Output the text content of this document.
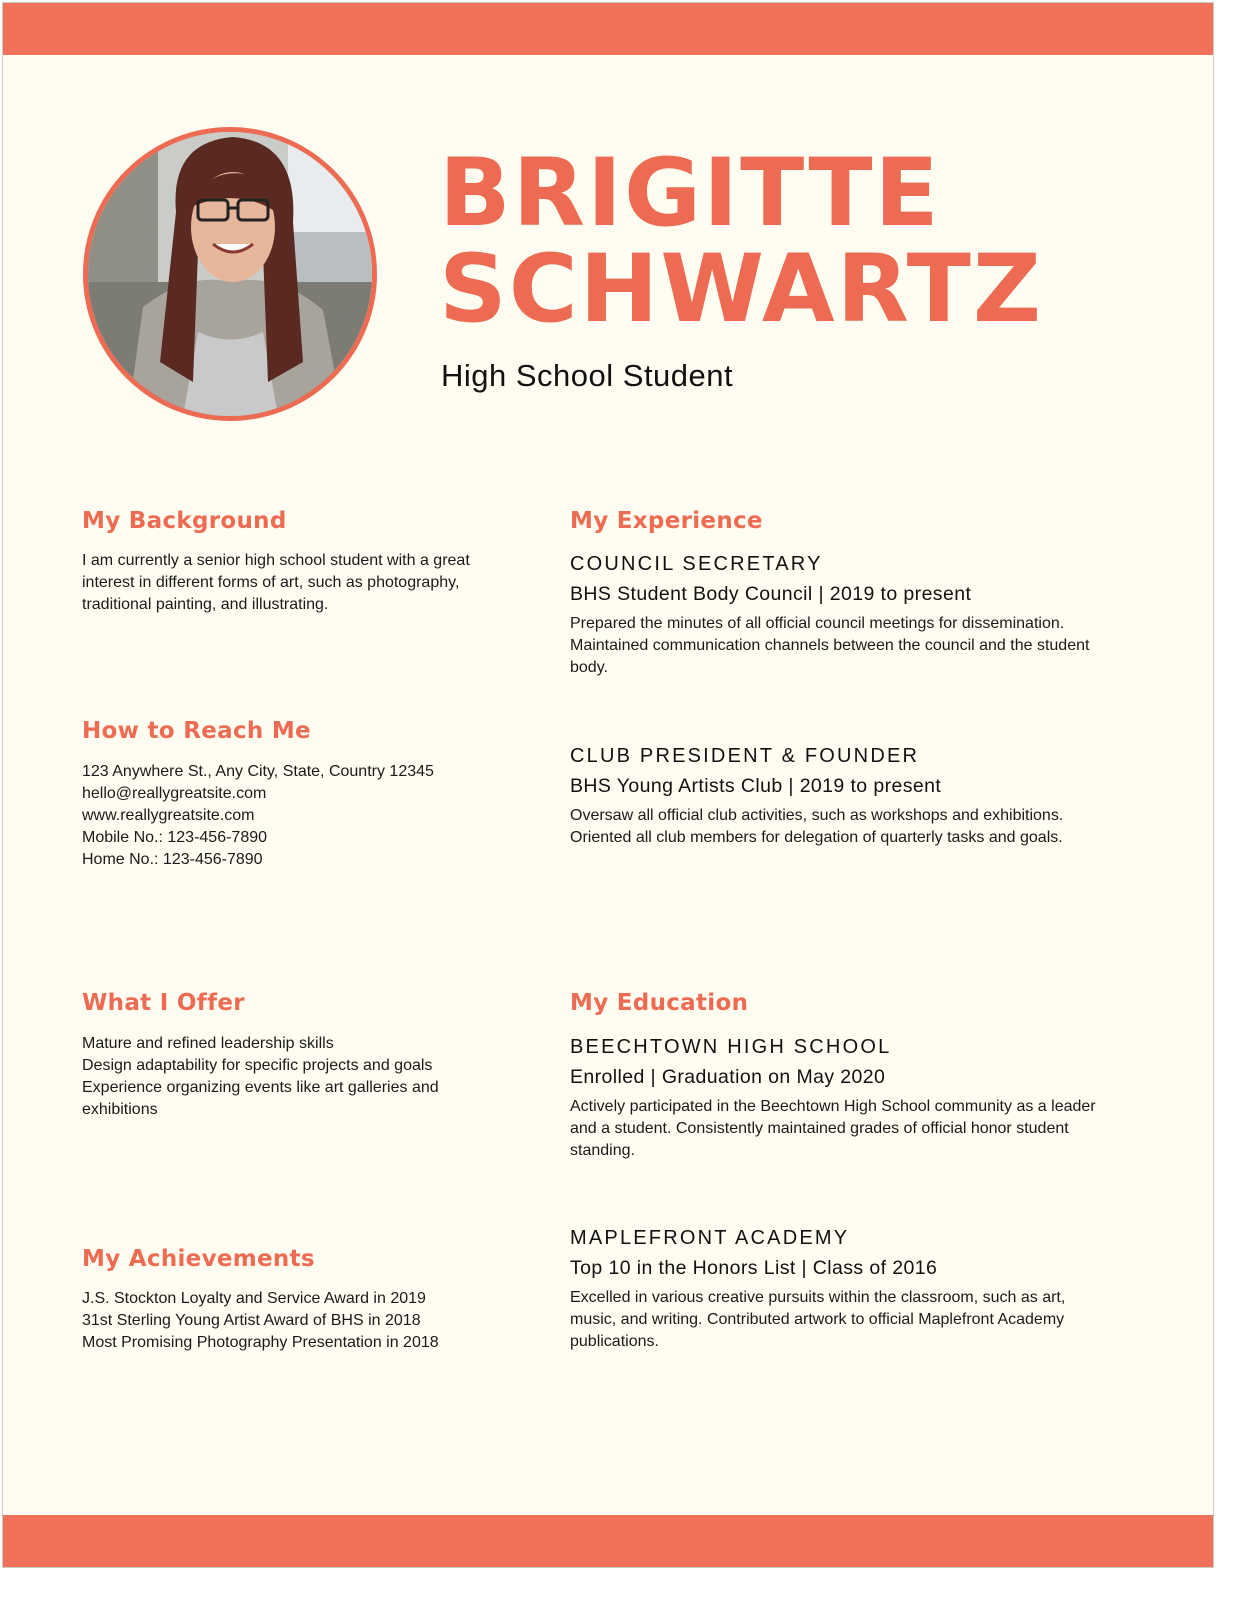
BRIGITTE
SCHWARTZ
High School Student
My Background
I am currently a senior high school student with a great
interest in different forms of art, such as photography,
traditional painting, and illustrating.
How to Reach Me
123 Anywhere St., Any City, State, Country 12345
hello@reallygreatsite.com
www.reallygreatsite.com
Mobile No.: 123-456-7890
Home No.: 123-456-7890
What I Offer
Mature and refined leadership skills
Design adaptability for specific projects and goals
Experience organizing events like art galleries and
exhibitions
My Achievements
J.S. Stockton Loyalty and Service Award in 2019
31st Sterling Young Artist Award of BHS in 2018
Most Promising Photography Presentation in 2018
My Experience
COUNCIL SECRETARY
BHS Student Body Council | 2019 to present
Prepared the minutes of all official council meetings for dissemination.
Maintained communication channels between the council and the student
body.
CLUB PRESIDENT & FOUNDER
BHS Young Artists Club | 2019 to present
Oversaw all official club activities, such as workshops and exhibitions.
Oriented all club members for delegation of quarterly tasks and goals.
My Education
BEECHTOWN HIGH SCHOOL
Enrolled | Graduation on May 2020
Actively participated in the Beechtown High School community as a leader
and a student. Consistently maintained grades of official honor student
standing.
MAPLEFRONT ACADEMY
Top 10 in the Honors List | Class of 2016
Excelled in various creative pursuits within the classroom, such as art,
music, and writing. Contributed artwork to official Maplefront Academy
publications.
